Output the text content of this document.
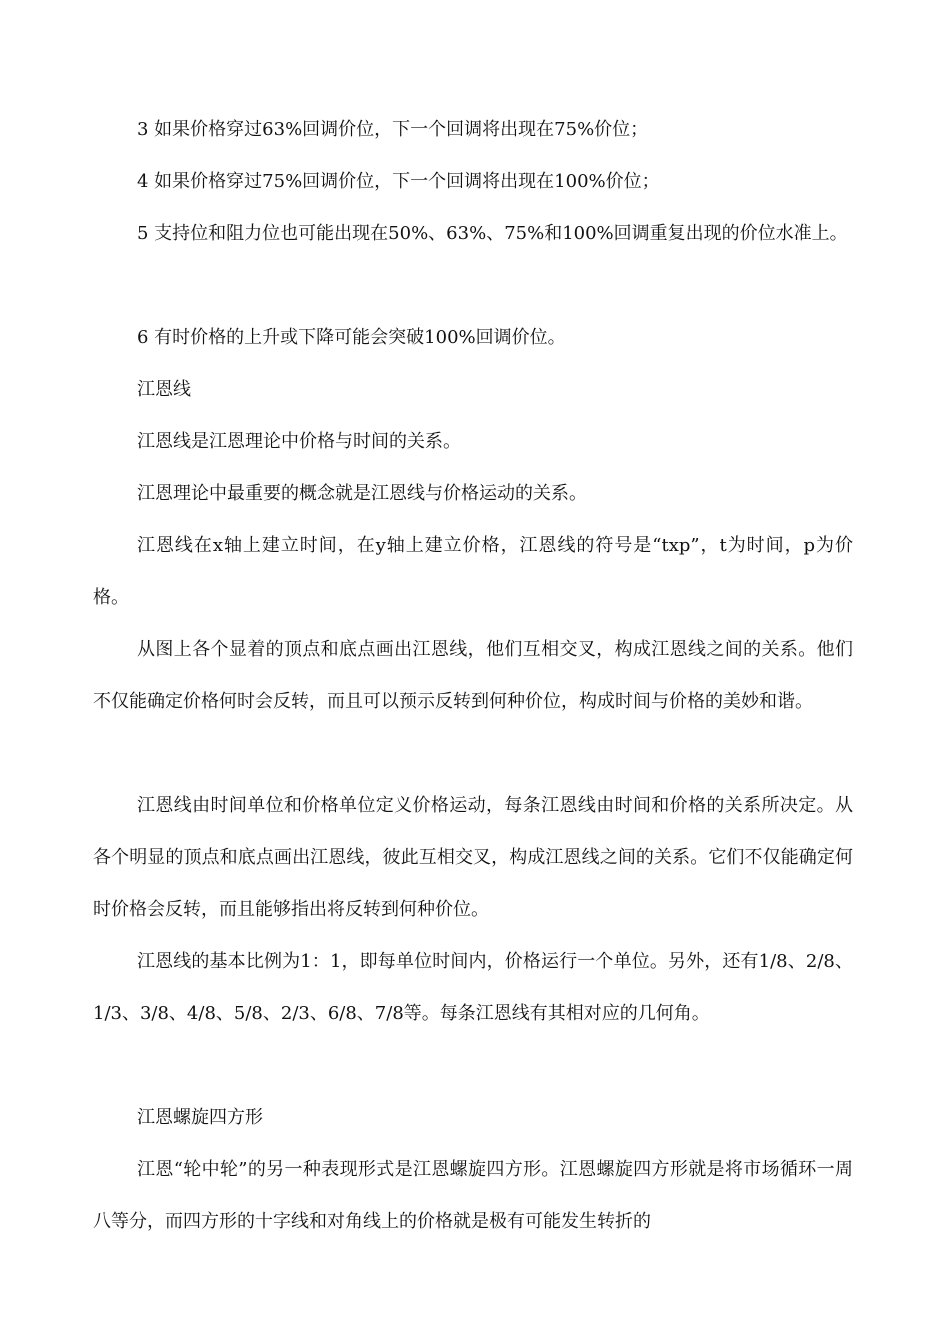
3 如果价格穿过63%回调价位，下一个回调将出现在75%价位；

4 如果价格穿过75%回调价位，下一个回调将出现在100%价位；

5 支持位和阻力位也可能出现在50%、63%、75%和100%回调重复出现的价位水准上。

6 有时价格的上升或下降可能会突破100%回调价位。

江恩线

江恩线是江恩理论中价格与时间的关系。

江恩理论中最重要的概念就是江恩线与价格运动的关系。

江恩线在x轴上建立时间，在y轴上建立价格，江恩线的符号是“txp”，t为时间，p为价格。

从图上各个显着的顶点和底点画出江恩线，他们互相交叉，构成江恩线之间的关系。他们不仅能确定价格何时会反转，而且可以预示反转到何种价位，构成时间与价格的美妙和谐。

江恩线由时间单位和价格单位定义价格运动，每条江恩线由时间和价格的关系所决定。从各个明显的顶点和底点画出江恩线，彼此互相交叉，构成江恩线之间的关系。它们不仅能确定何时价格会反转，而且能够指出将反转到何种价位。

江恩线的基本比例为1：1，即每单位时间内，价格运行一个单位。另外，还有1/8、2/8、1/3、3/8、4/8、5/8、2/3、6/8、7/8等。每条江恩线有其相对应的几何角。

江恩螺旋四方形

江恩“轮中轮”的另一种表现形式是江恩螺旋四方形。江恩螺旋四方形就是将市场循环一周八等分，而四方形的十字线和对角线上的价格就是极有可能发生转折的
